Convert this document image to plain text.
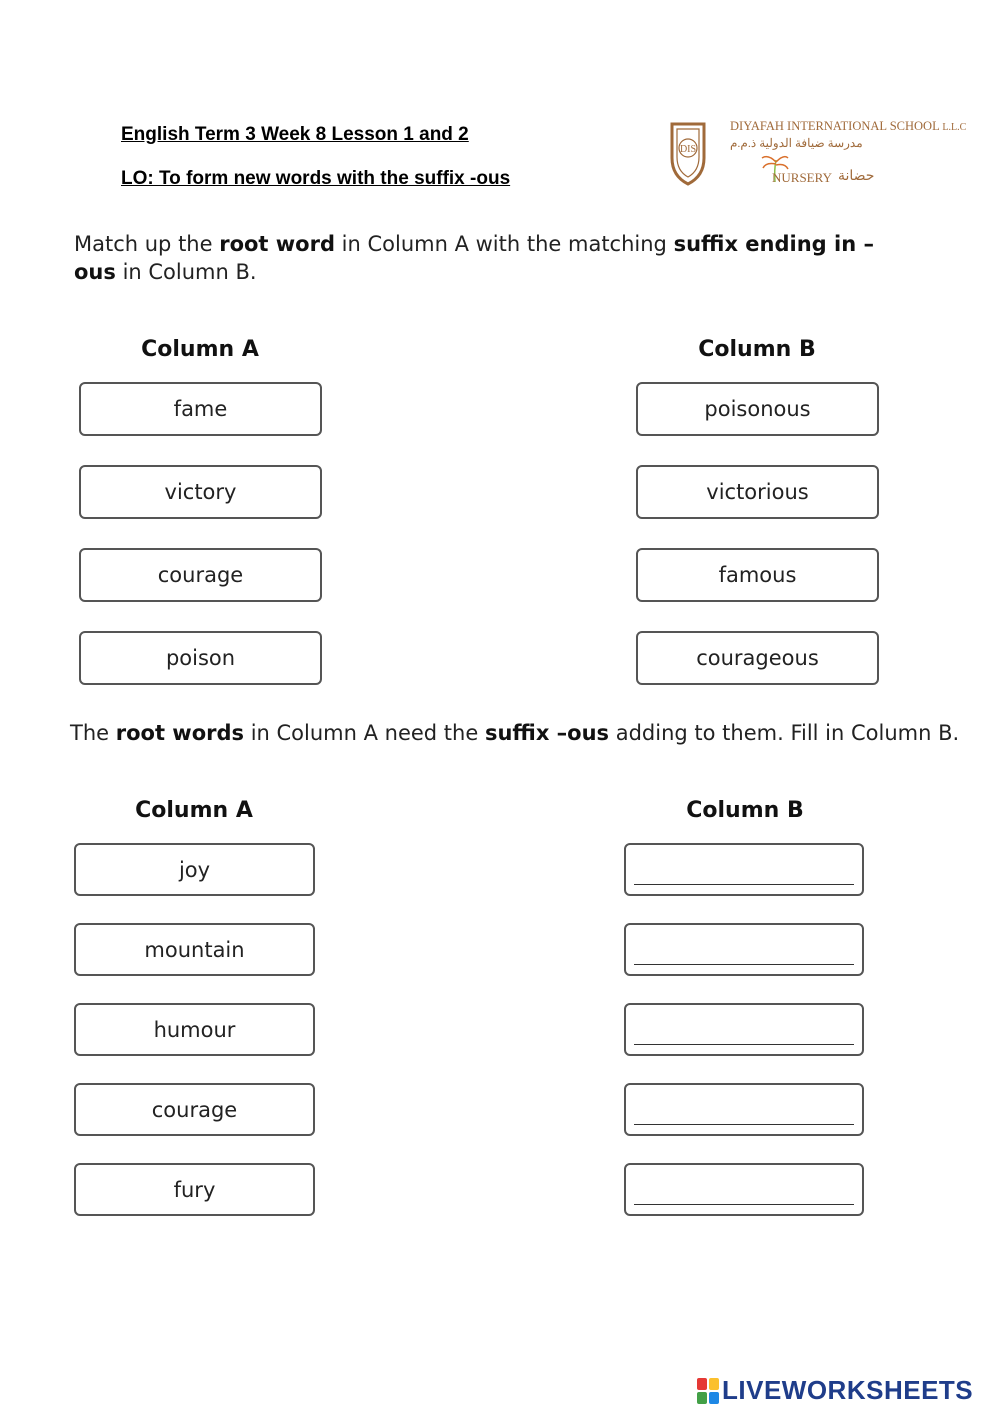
English Term 3 Week 8 Lesson 1 and 2
LO: To form new words with the suffix -ous
DIS
DIYAFAH INTERNATIONAL SCHOOL L.L.C
مدرسة ضيافة الدولية ذ.م.م
NURSERY حضانة
Match up the root word in Column A with the matching suffix ending in –ous in Column B.
Column A	Column B
fame
victory
courage
poison
poisonous
victorious
famous
courageous
The root words in Column A need the suffix –ous adding to them. Fill in Column B.
Column A	Column B
joy
mountain
humour
courage
fury
LIVEWORKSHEETS
